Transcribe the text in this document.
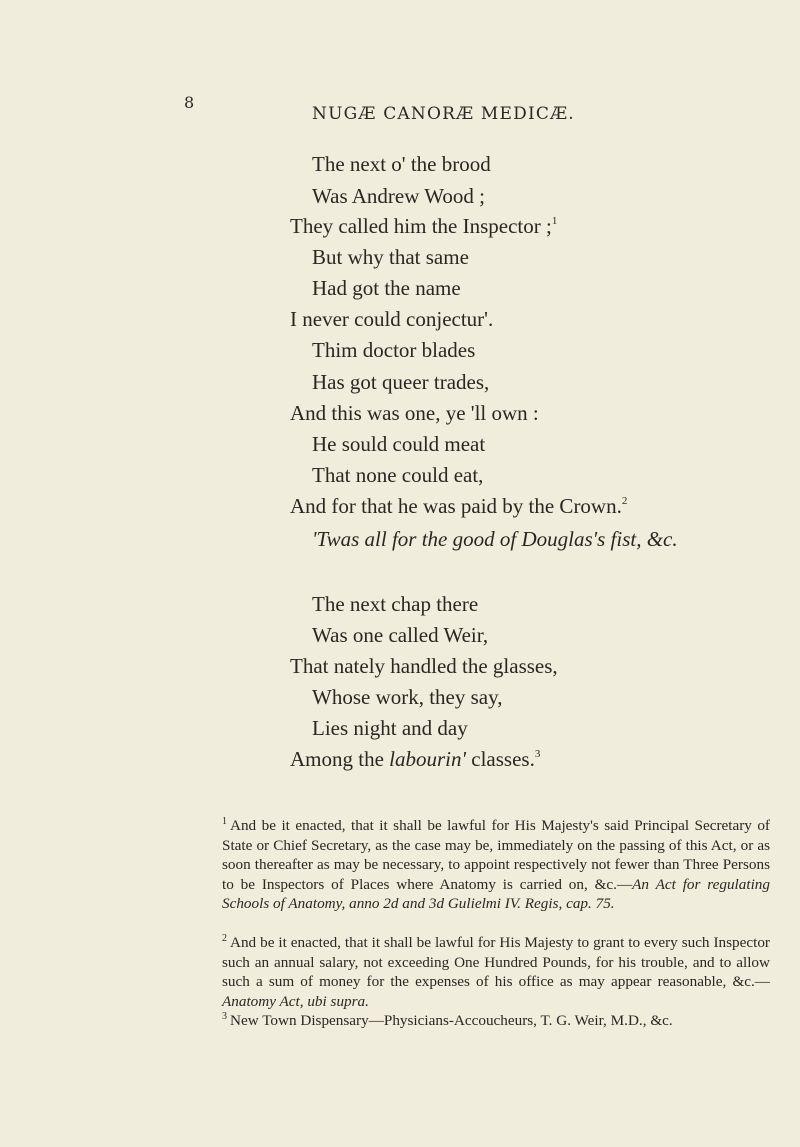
8
NUGÆ CANORÆ MEDICÆ.
The next o' the brood
Was Andrew Wood ;
They called him the Inspector ;$^1$
But why that same
Had got the name
I never could conjectur'.
Thim doctor blades
Has got queer trades,
And this was one, ye 'll own :
He sould could meat
That none could eat,
And for that he was paid by the Crown.$^2$
'Twas all for the good of Douglas's fist, &c.
The next chap there
Was one called Weir,
That nately handled the glasses,
Whose work, they say,
Lies night and day
Among the labourin' classes.$^3$

$^1$ And be it enacted, that it shall be lawful for His Majesty's said Principal Secretary of State or Chief Secretary, as the case may be, immediately on the passing of this Act, or as soon thereafter as may be necessary, to appoint respectively not fewer than Three Persons to be Inspectors of Places where Anatomy is carried on, &c.—An Act for regulating Schools of Anatomy, anno 2d and 3d Gulielmi IV. Regis, cap. 75.

$^2$ And be it enacted, that it shall be lawful for His Majesty to grant to every such Inspector such an annual salary, not exceeding One Hundred Pounds, for his trouble, and to allow such a sum of money for the expenses of his office as may appear reasonable, &c.—Anatomy Act, ubi supra.

$^3$ New Town Dispensary—Physicians-Accoucheurs, T. G. Weir, M.D., &c.
